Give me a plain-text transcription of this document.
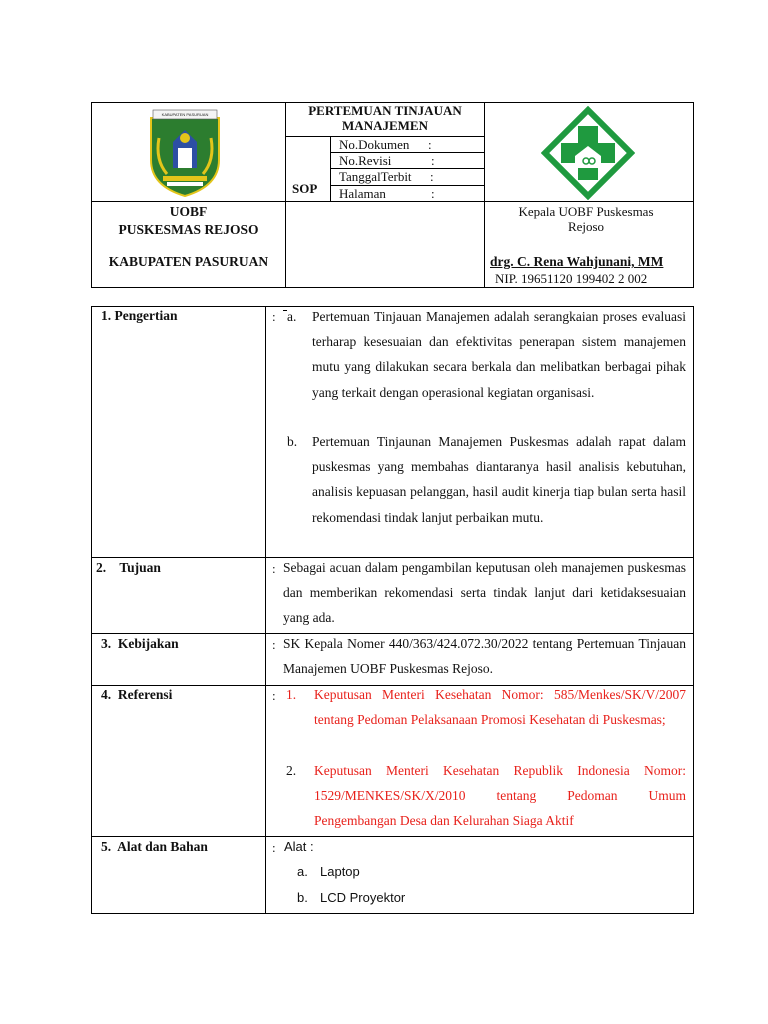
KABUPATEN PASURUAN	PERTEMUAN TINJAUAN
MANAJEMEN
SOP
No.Dokumen :
No.Revisi	:
TanggalTerbit :
Halaman	:
UOBF
PUSKESMAS REJOSO
KABUPATEN PASURUAN
Kepala UOBF Puskesmas
Rejoso
drg. C. Rena Wahjunani, MM
NIP. 19651120 199402 2 002
1. Pengertian	: a. Pertemuan Tinjauan Manajemen adalah serangkaian proses evaluasi terharap kesesuaian dan efektivitas penerapan sistem manajemen mutu yang dilakukan secara berkala dan melibatkan berbagai pihak yang terkait dengan operasional kegiatan organisasi.
b. Pertemuan Tinjaunan Manajemen Puskesmas adalah rapat dalam puskesmas yang membahas diantaranya hasil analisis kebutuhan, analisis kepuasan pelanggan, hasil audit kinerja tiap bulan serta hasil rekomendasi tindak lanjut perbaikan mutu.
2.    Tujuan	: Sebagai acuan dalam pengambilan keputusan oleh manajemen puskesmas dan memberikan rekomendasi serta tindak lanjut dari ketidaksesuaian yang ada.
3.  Kebijakan	: SK Kepala Nomer 440/363/424.072.30/2022 tentang Pertemuan Tinjauan Manajemen UOBF Puskesmas Rejoso.
4.  Referensi	: 1. Keputusan Menteri Kesehatan Nomor: 585/Menkes/SK/V/2007 tentang Pedoman Pelaksanaan Promosi Kesehatan di Puskesmas;
2. Keputusan Menteri Kesehatan Republik Indonesia Nomor: 1529/MENKES/SK/X/2010 tentang Pedoman Umum Pengembangan Desa dan Kelurahan Siaga Aktif
5.  Alat dan Bahan	: Alat :
a. Laptop
b. LCD Proyektor
